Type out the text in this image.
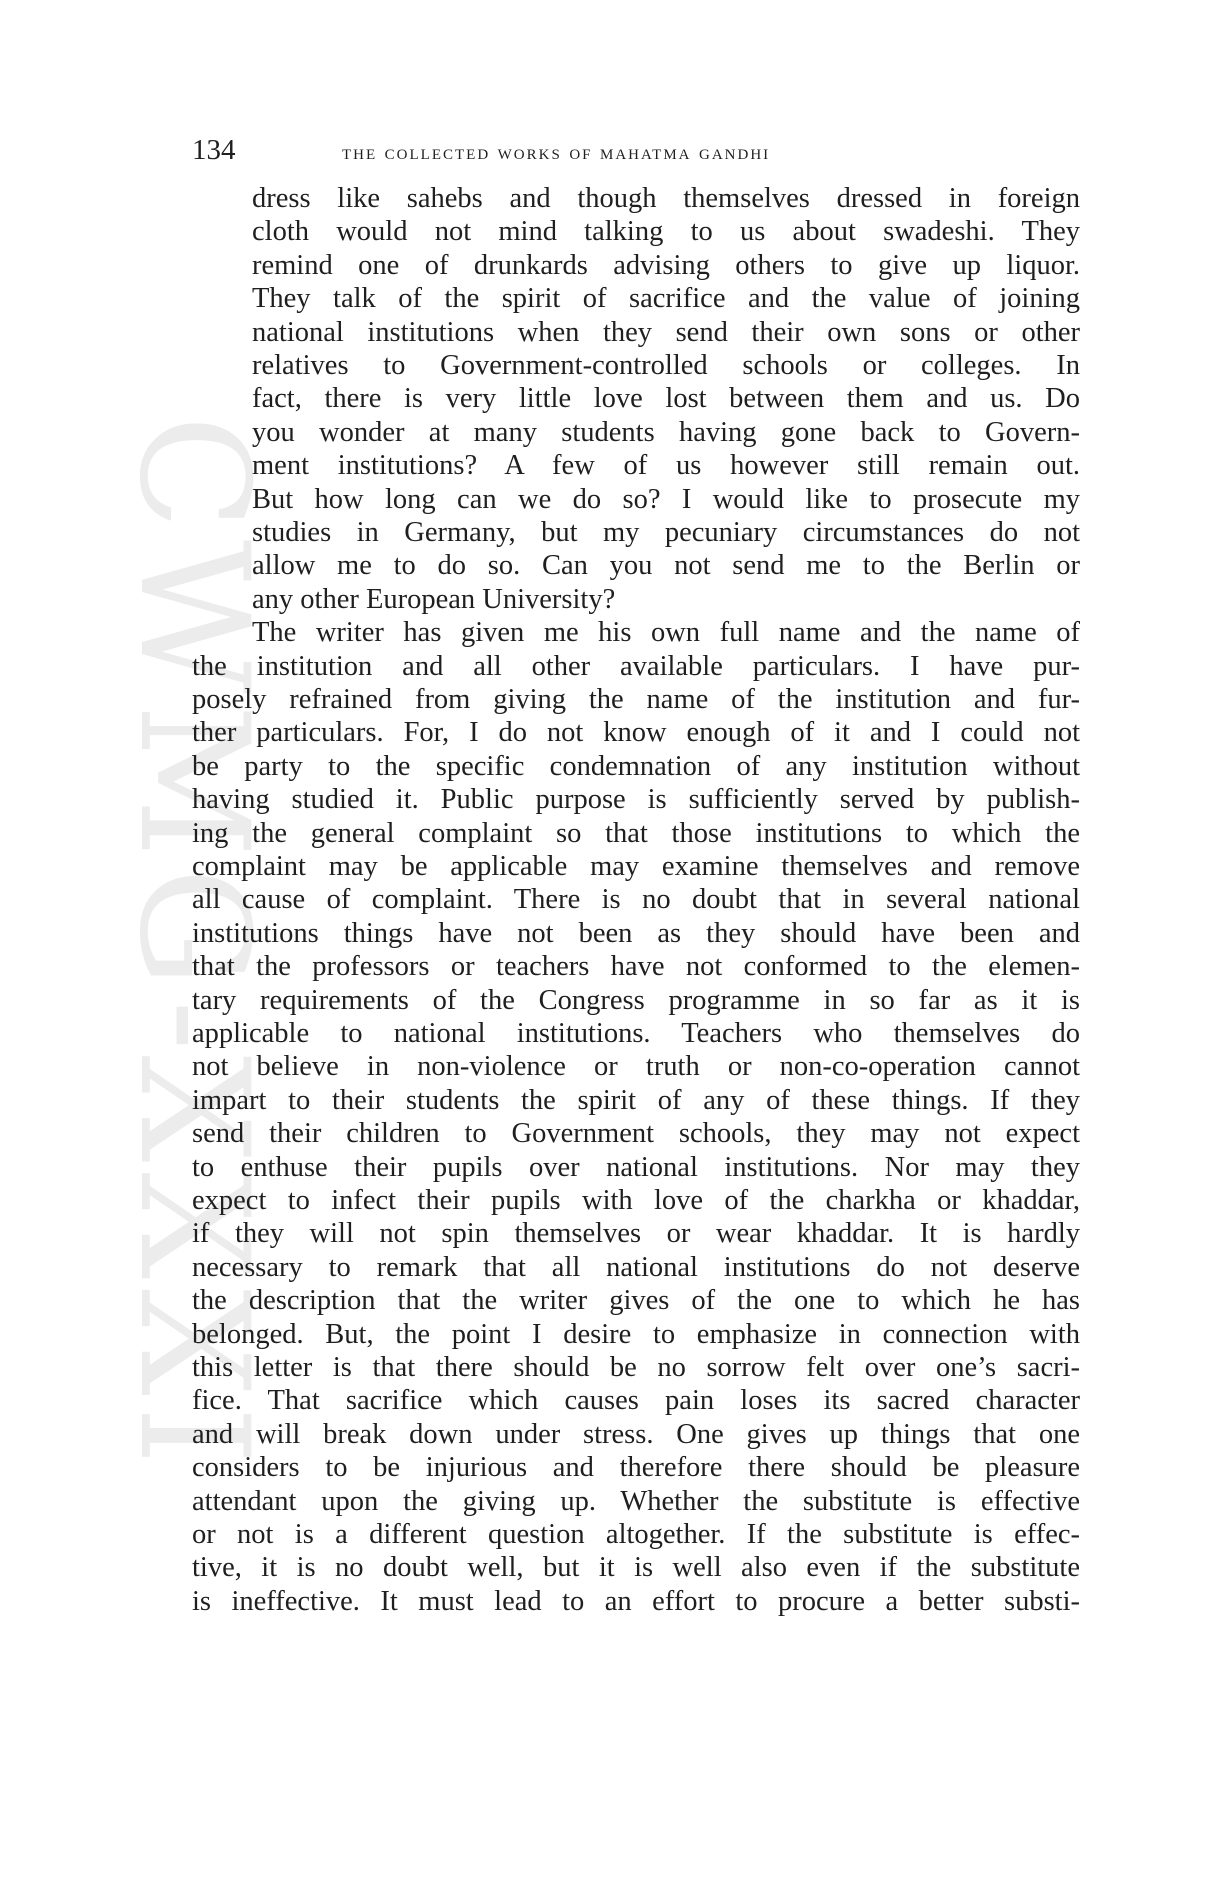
CWMG-XXXI
134	the collected works of mahatma gandhi
dress like sahebs and though themselves dressed in foreign
cloth would not mind talking to us about swadeshi. They
remind one of drunkards advising others to give up liquor.
They talk of the spirit of sacrifice and the value of joining
national institutions when they send their own sons or other
relatives to Government-controlled schools or colleges. In
fact, there is very little love lost between them and us. Do
you wonder at many students having gone back to Govern-
ment institutions? A few of us however still remain out.
But how long can we do so? I would like to prosecute my
studies in Germany, but my pecuniary circumstances do not
allow me to do so. Can you not send me to the Berlin or
any other European University?
The writer has given me his own full name and the name of
the institution and all other available particulars. I have pur-
posely refrained from giving the name of the institution and fur-
ther particulars. For, I do not know enough of it and I could not
be party to the specific condemnation of any institution without
having studied it. Public purpose is sufficiently served by publish-
ing the general complaint so that those institutions to which the
complaint may be applicable may examine themselves and remove
all cause of complaint. There is no doubt that in several national
institutions things have not been as they should have been and
that the professors or teachers have not conformed to the elemen-
tary requirements of the Congress programme in so far as it is
applicable to national institutions. Teachers who themselves do
not believe in non-violence or truth or non-co-operation cannot
impart to their students the spirit of any of these things. If they
send their children to Government schools, they may not expect
to enthuse their pupils over national institutions. Nor may they
expect to infect their pupils with love of the charkha or khaddar,
if they will not spin themselves or wear khaddar. It is hardly
necessary to remark that all national institutions do not deserve
the description that the writer gives of the one to which he has
belonged. But, the point I desire to emphasize in connection with
this letter is that there should be no sorrow felt over one’s sacri-
fice. That sacrifice which causes pain loses its sacred character
and will break down under stress. One gives up things that one
considers to be injurious and therefore there should be pleasure
attendant upon the giving up. Whether the substitute is effective
or not is a different question altogether. If the substitute is effec-
tive, it is no doubt well, but it is well also even if the substitute
is ineffective. It must lead to an effort to procure a better substi-
